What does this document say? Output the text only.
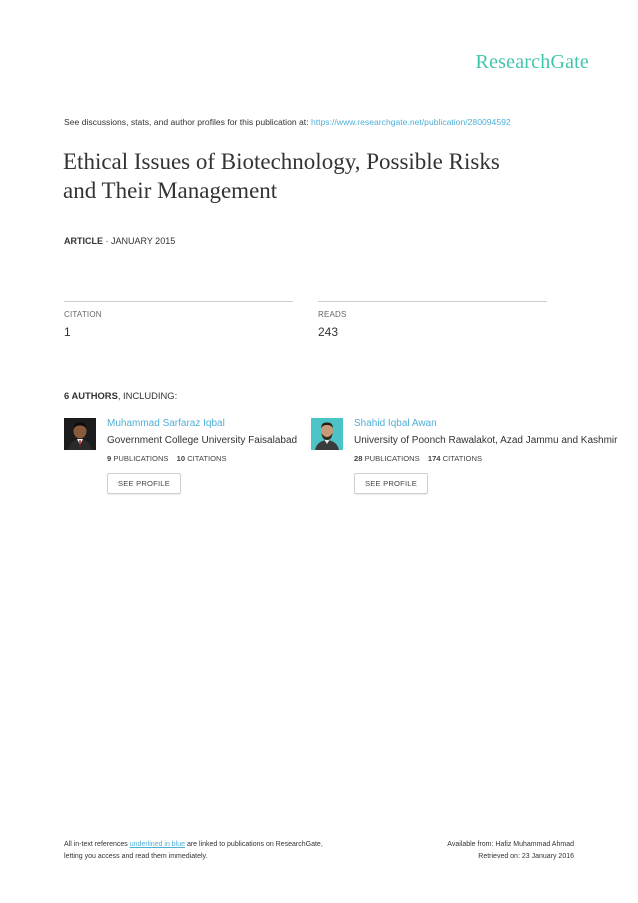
ResearchGate
See discussions, stats, and author profiles for this publication at: https://www.researchgate.net/publication/280094592
Ethical Issues of Biotechnology, Possible Risks
and Their Management
ARTICLE · JANUARY 2015
CITATION
1
READS
243
6 AUTHORS, INCLUDING:
Muhammad Sarfaraz Iqbal
Government College University Faisalabad
9 PUBLICATIONS 10 CITATIONS
SEE PROFILE
Shahid Iqbal Awan
University of Poonch Rawalakot, Azad Jammu and Kashmir
28 PUBLICATIONS 174 CITATIONS
SEE PROFILE
All in-text references underlined in blue are linked to publications on ResearchGate,
letting you access and read them immediately.
Available from: Hafiz Muhammad Ahmad
Retrieved on: 23 January 2016
